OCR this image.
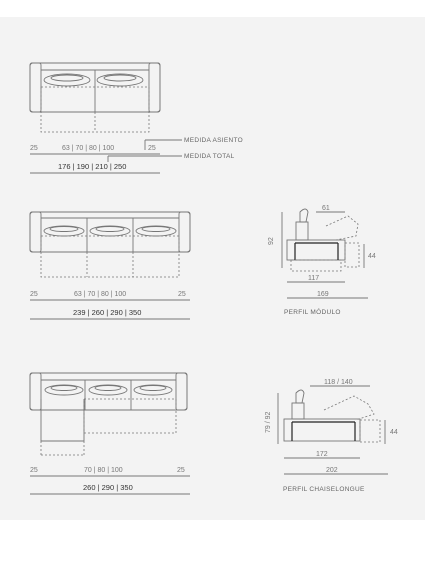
MEDIDA ASIENTO
MEDIDA TOTAL
25	63 | 70 | 80 | 100	25
176 | 190 | 210 | 250
25	63 | 70 | 80 | 100	25
239 | 260 | 290 | 350
61
92
44
117
169
PERFIL MÓDULO
25	70 | 80 | 100	25
260 | 290 | 350
118 / 140
79 / 92	44
172
202
PERFIL CHAISELONGUE
